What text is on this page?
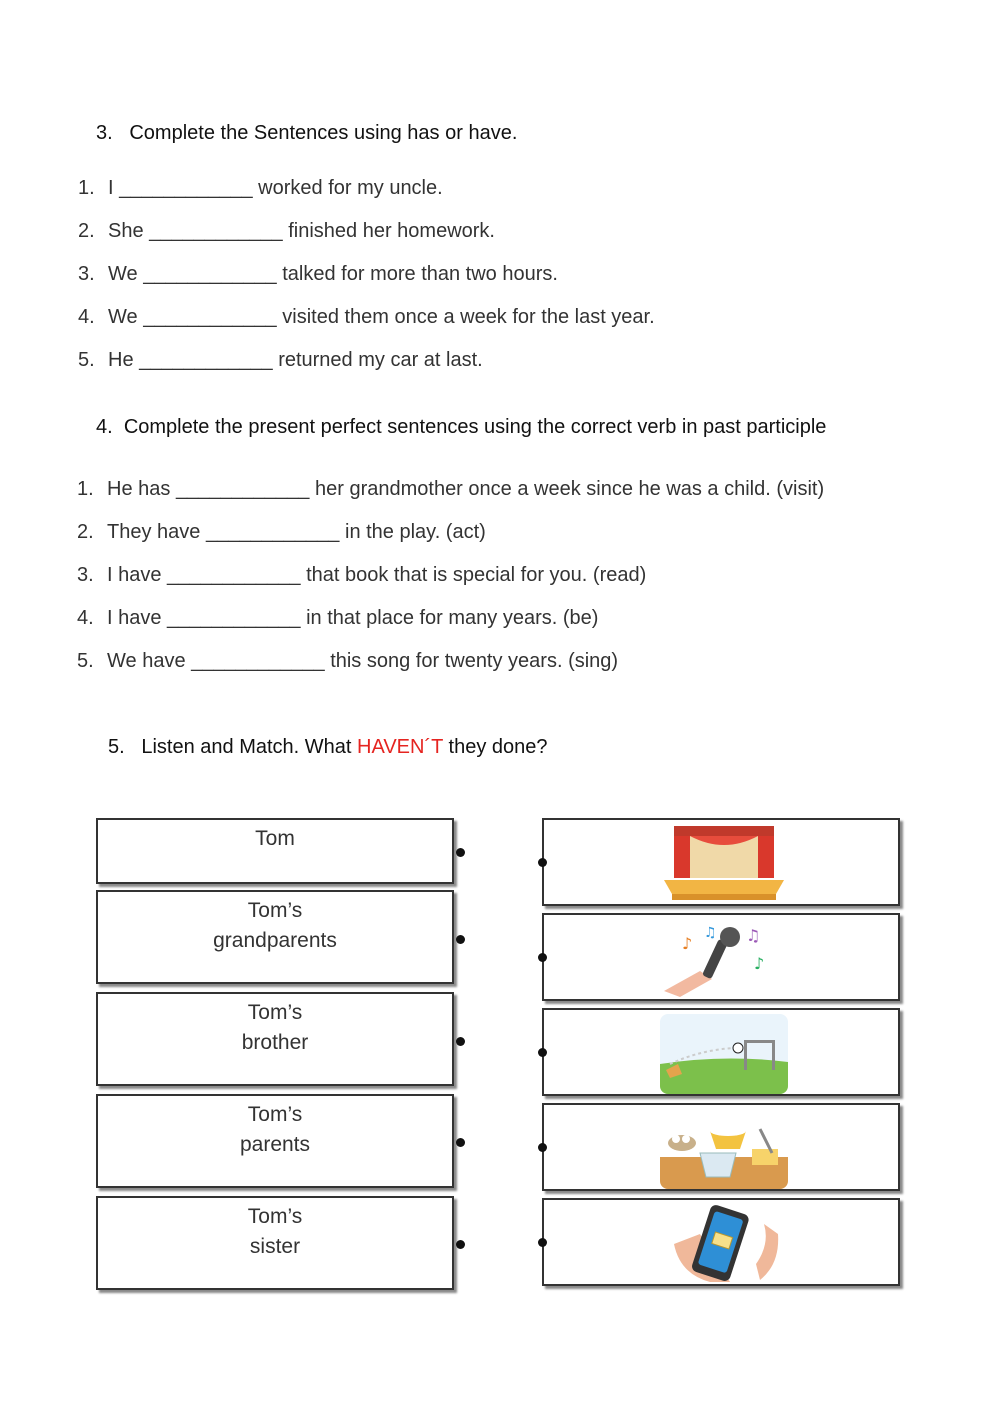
3. Complete the Sentences using has or have.
1. I ____________ worked for my uncle.
2. She ____________ finished her homework.
3. We ____________ talked for more than two hours.
4. We ____________ visited them once a week for the last year.
5. He ____________ returned my car at last.
4. Complete the present perfect sentences using the correct verb in past participle
1. He has ____________ her grandmother once a week since he was a child. (visit)
2. They have ____________ in the play. (act)
3. I have ____________ that book that is special for you. (read)
4. I have ____________ in that place for many years. (be)
5. We have ____________ this song for twenty years. (sing)
5. Listen and Match. What HAVEN´T they done?
Tom
Tom’s
grandparents
Tom’s
brother
Tom’s
parents
Tom’s
sister
♪
♫ ♫
♪
